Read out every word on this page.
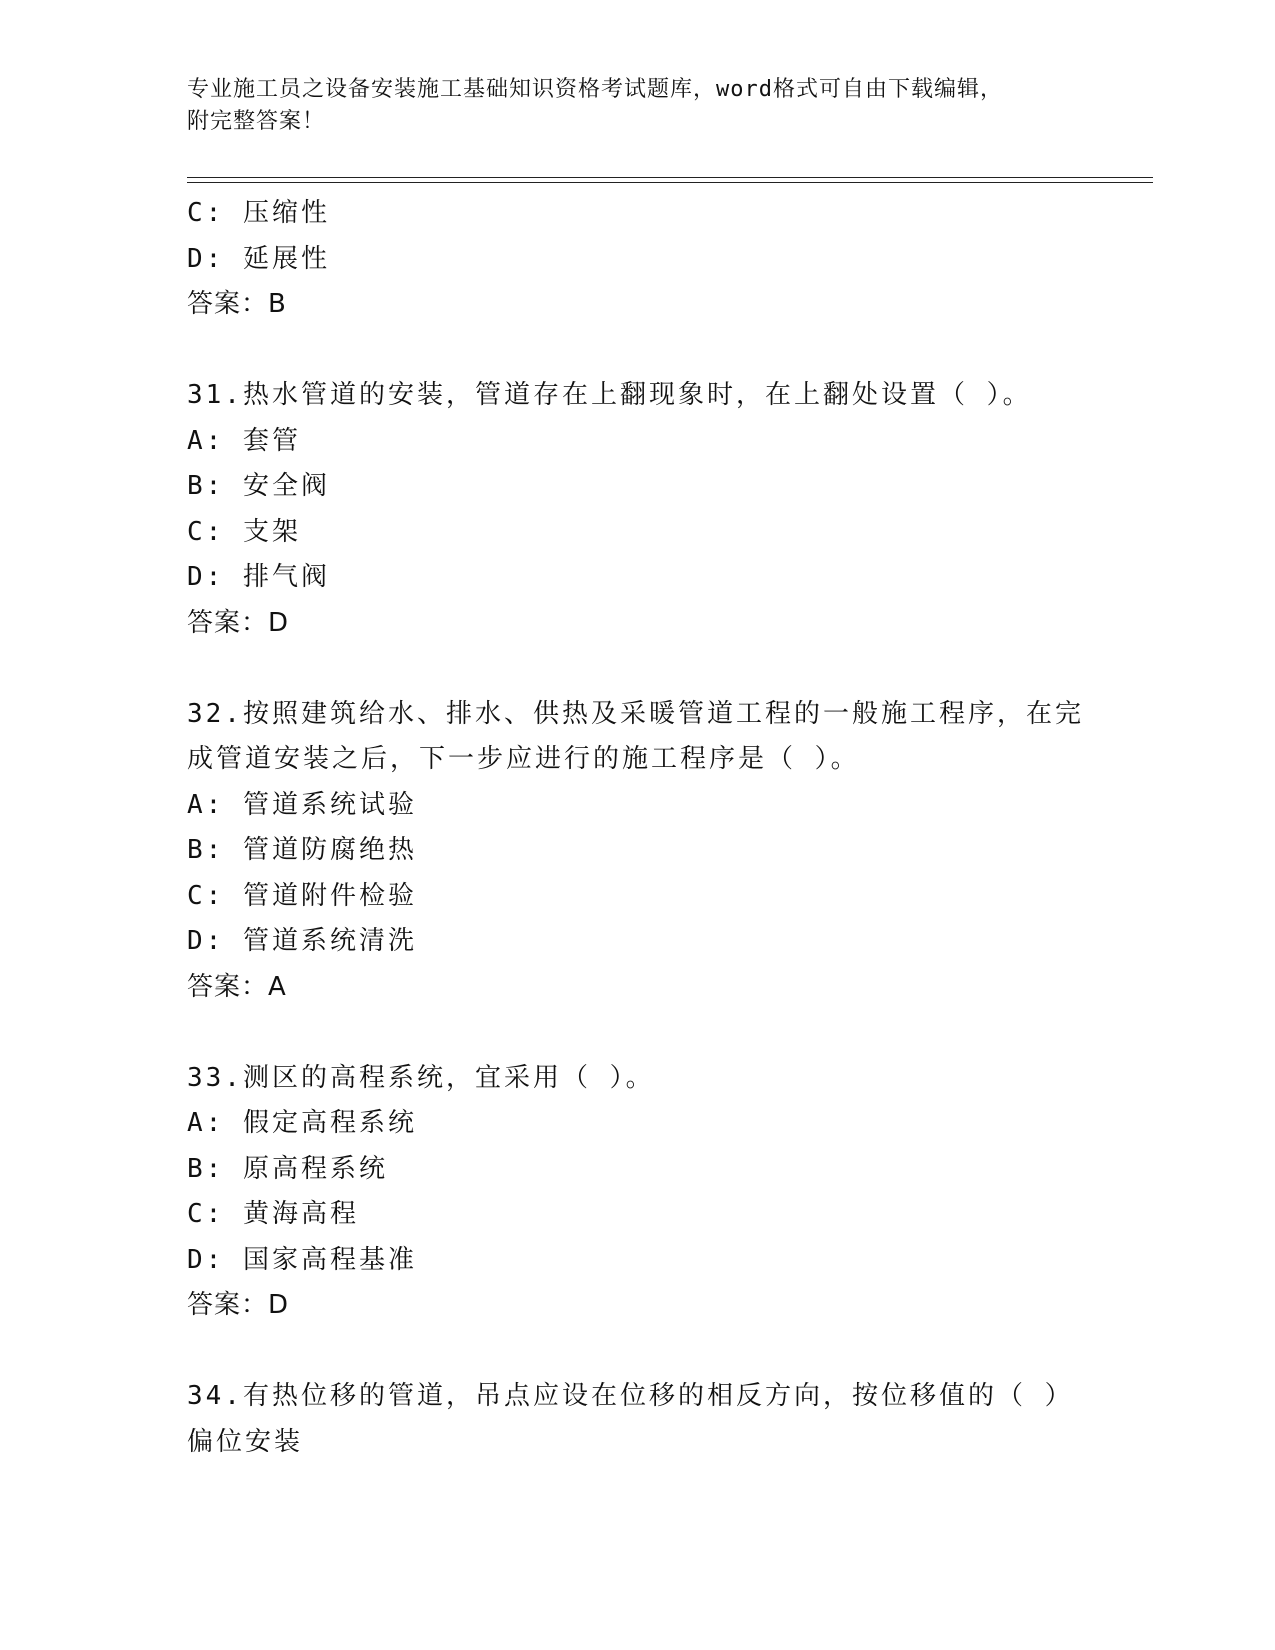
专业施工员之设备安装施工基础知识资格考试题库，word格式可自由下载编辑，
附完整答案！
C: 压缩性
D: 延展性
答案：B
31.热水管道的安装，管道存在上翻现象时，在上翻处设置（ ）。
A: 套管
B: 安全阀
C: 支架
D: 排气阀
答案：D
32.按照建筑给水、排水、供热及采暖管道工程的一般施工程序，在完
成管道安装之后，下一步应进行的施工程序是（ ）。
A: 管道系统试验
B: 管道防腐绝热
C: 管道附件检验
D: 管道系统清洗
答案：A
33.测区的高程系统，宜采用（ ）。
A: 假定高程系统
B: 原高程系统
C: 黄海高程
D: 国家高程基准
答案：D
34.有热位移的管道，吊点应设在位移的相反方向，按位移值的（ ）
偏位安装
